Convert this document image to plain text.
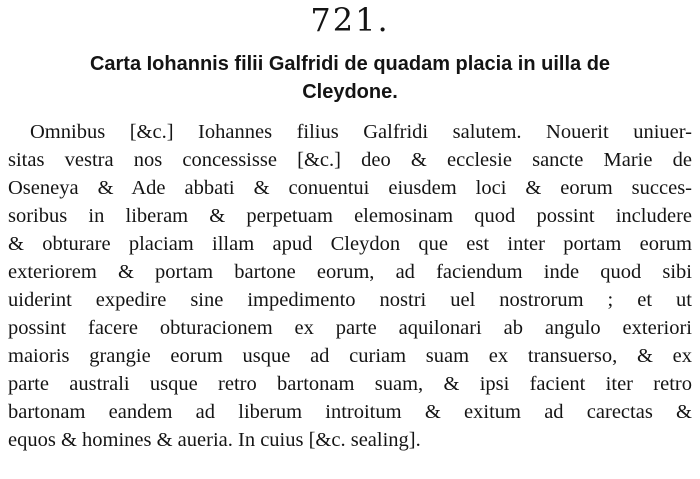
721.
Carta Iohannis filii Galfridi de quadam placia in uilla de
Cleydone.
Omnibus [&c.] Iohannes filius Galfridi salutem. Nouerit uniuer-
sitas vestra nos concessisse [&c.] deo & ecclesie sancte Marie de
Oseneya & Ade abbati & conuentui eiusdem loci & eorum succes-
soribus in liberam & perpetuam elemosinam quod possint includere
& obturare placiam illam apud Cleydon que est inter portam eorum
exteriorem & portam bartone eorum, ad faciendum inde quod sibi
uiderint expedire sine impedimento nostri uel nostrorum ; et ut
possint facere obturacionem ex parte aquilonari ab angulo exteriori
maioris grangie eorum usque ad curiam suam ex transuerso, & ex
parte australi usque retro bartonam suam, & ipsi facient iter retro
bartonam eandem ad liberum introitum & exitum ad carectas &
equos & homines & aueria. In cuius [&c. sealing].
